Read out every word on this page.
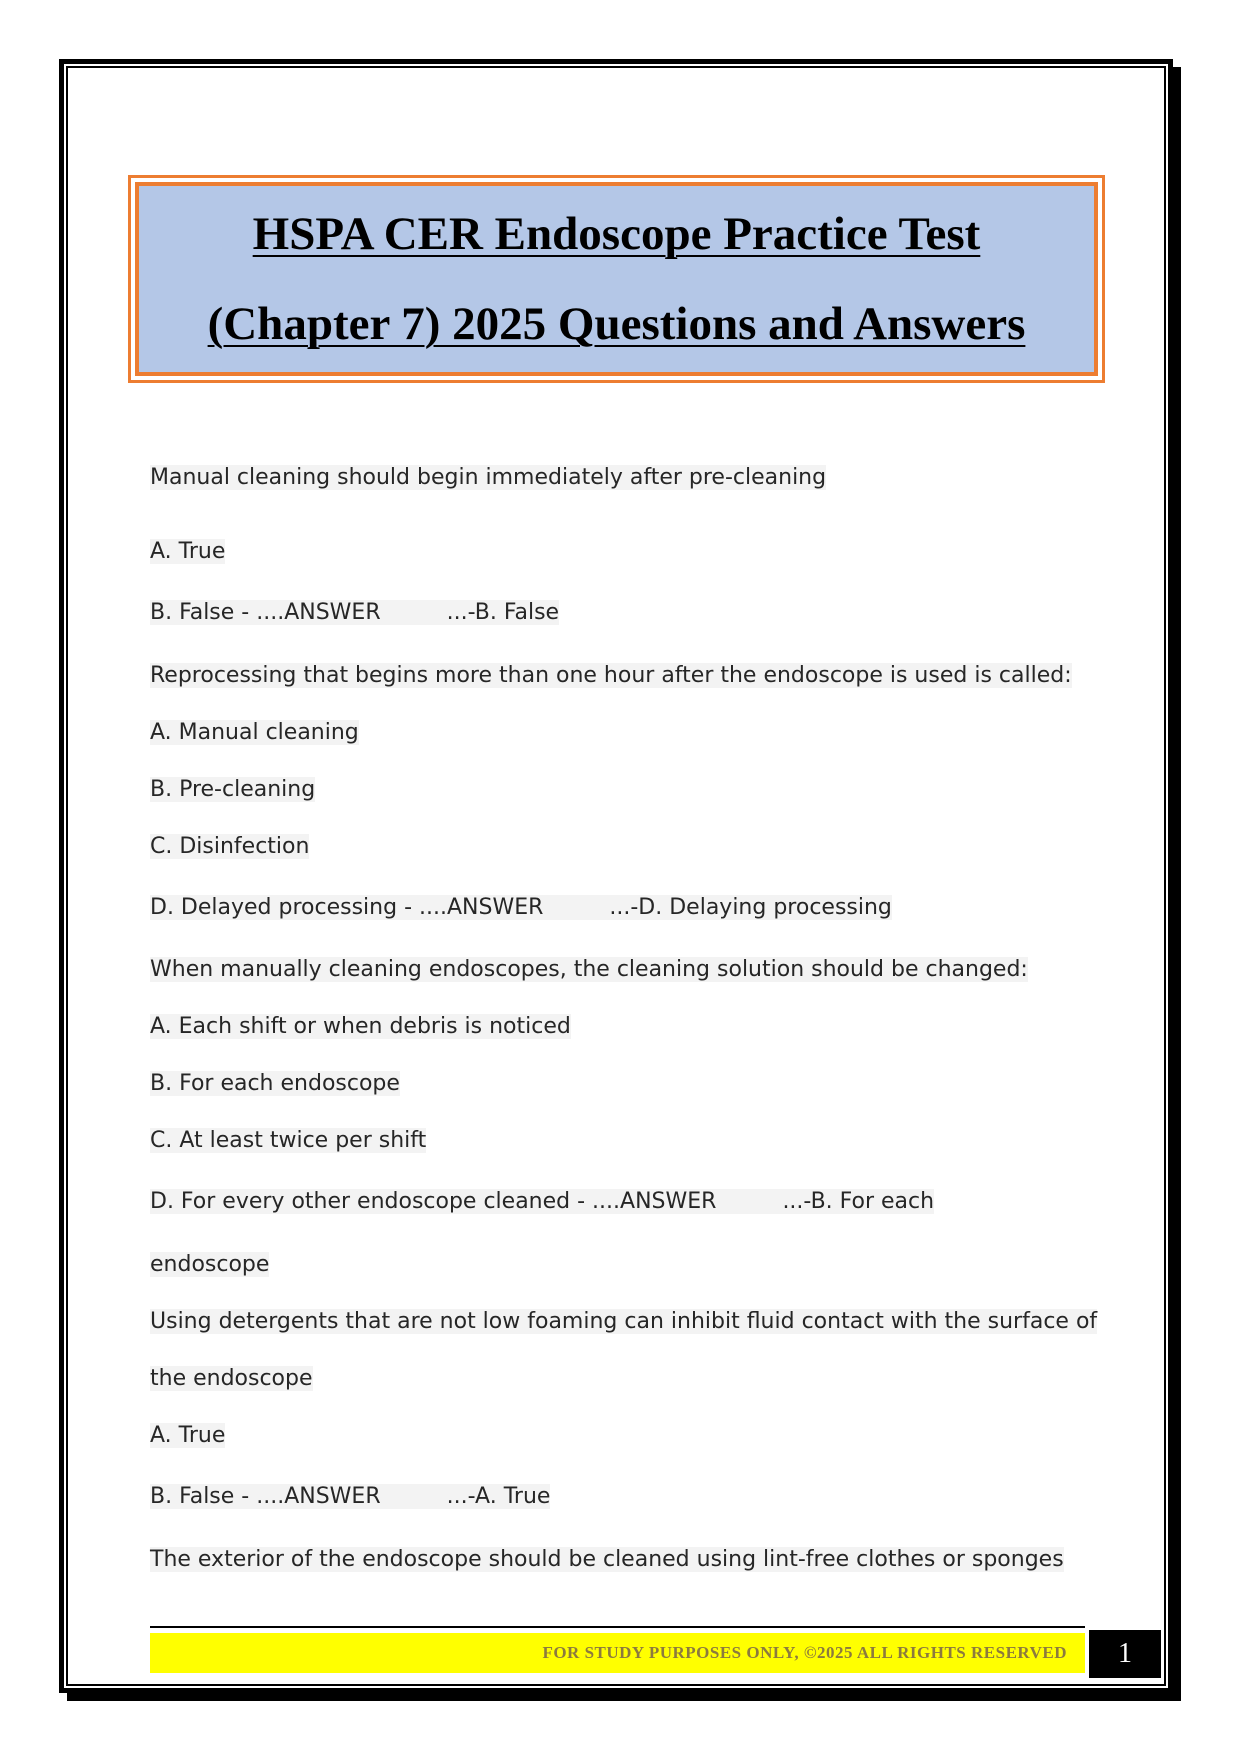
HSPA CER Endoscope Practice Test
(Chapter 7) 2025 Questions and Answers
Manual cleaning should begin immediately after pre-cleaning
A. True
B. False - ....ANSWER	...-B. False
Reprocessing that begins more than one hour after the endoscope is used is called:
A. Manual cleaning
B. Pre-cleaning
C. Disinfection
D. Delayed processing - ....ANSWER	...-D. Delaying processing
When manually cleaning endoscopes, the cleaning solution should be changed:
A. Each shift or when debris is noticed
B. For each endoscope
C. At least twice per shift
D. For every other endoscope cleaned - ....ANSWER	...-B. For each
endoscope
Using detergents that are not low foaming can inhibit fluid contact with the surface of
the endoscope
A. True
B. False - ....ANSWER	...-A. True
The exterior of the endoscope should be cleaned using lint-free clothes or sponges
FOR STUDY PURPOSES ONLY, ©2025 ALL RIGHTS RESERVED	1
